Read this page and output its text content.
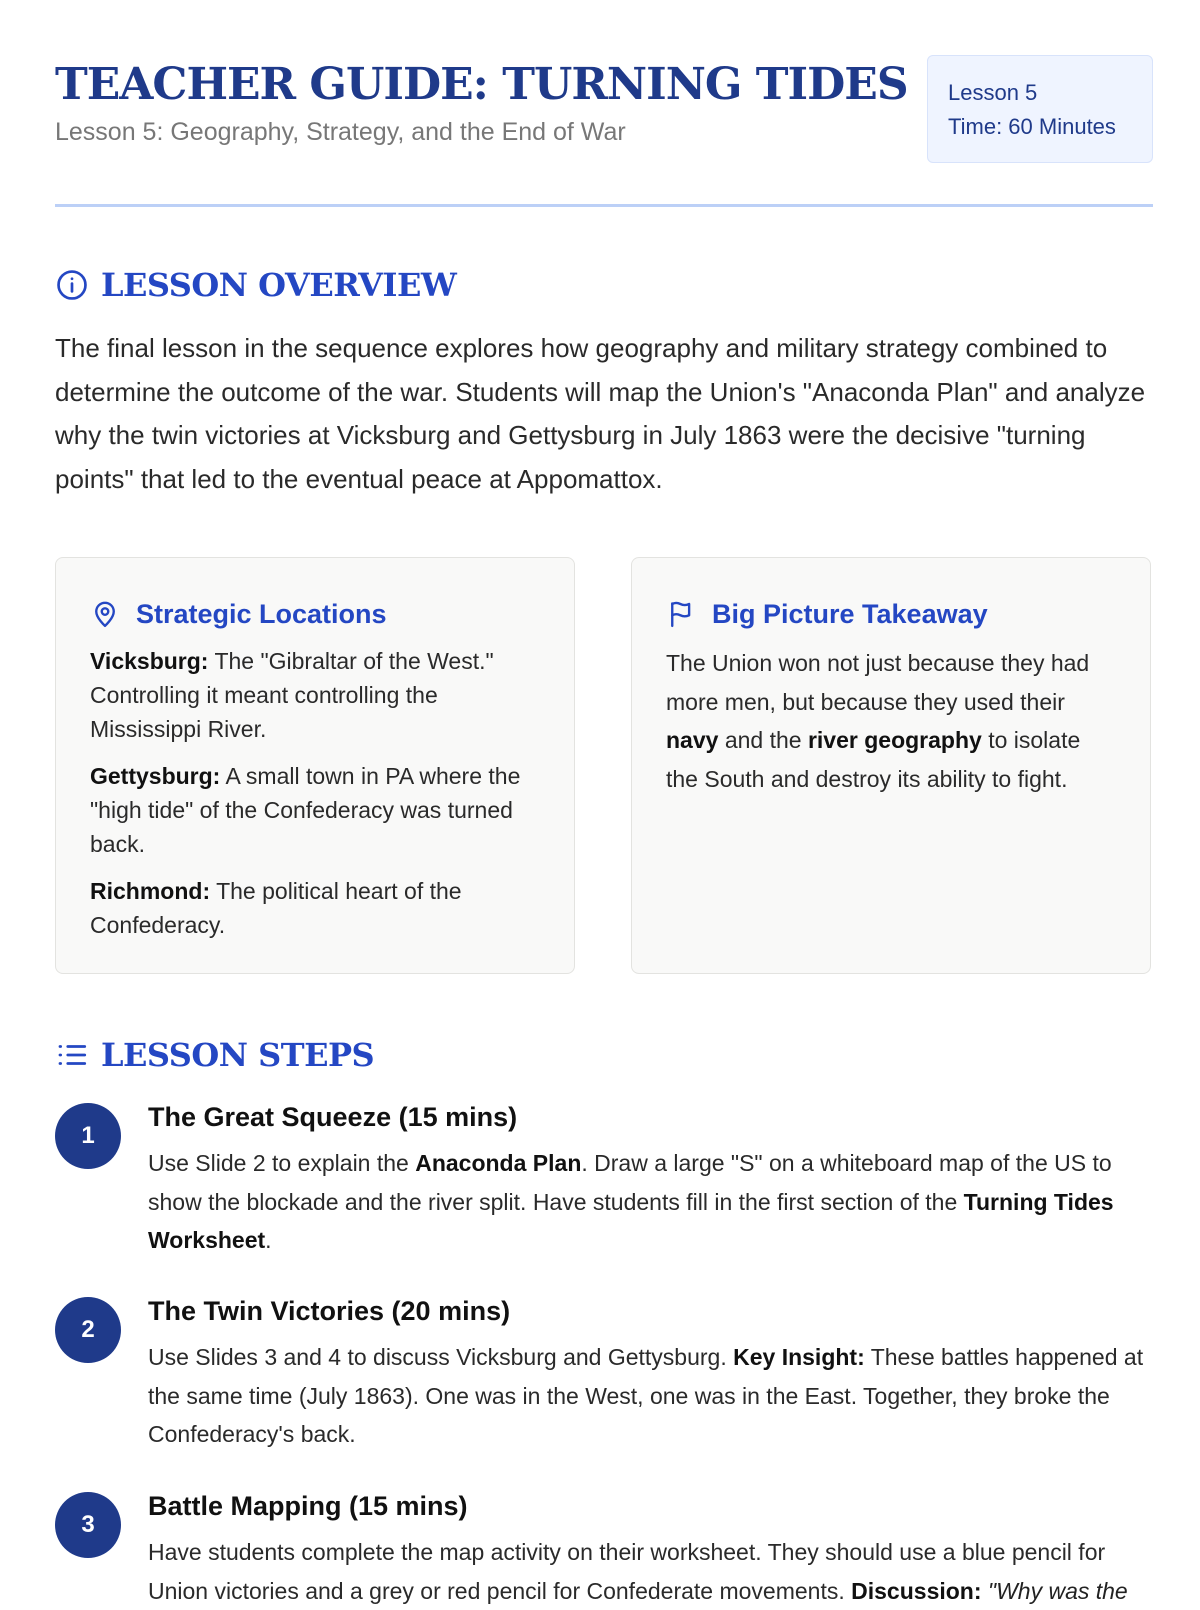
TEACHER GUIDE: TURNING TIDES

Lesson 5: Geography, Strategy, and the End of War

Lesson 5
Time: 60 Minutes
LESSON OVERVIEW

The final lesson in the sequence explores how geography and military strategy combined to determine the outcome of the war. Students will map the Union's "Anaconda Plan" and analyze why the twin victories at Vicksburg and Gettysburg in July 1863 were the decisive "turning points" that led to the eventual peace at Appomattox.

Strategic Locations

Vicksburg: The "Gibraltar of the West." Controlling it meant controlling the Mississippi River.

Gettysburg: A small town in PA where the "high tide" of the Confederacy was turned back.

Richmond: The political heart of the Confederacy.

Big Picture Takeaway

The Union won not just because they had more men, but because they used their navy and the river geography to isolate the South and destroy its ability to fight.

LESSON STEPS
1

The Great Squeeze (15 mins)

Use Slide 2 to explain the Anaconda Plan. Draw a large "S" on a whiteboard map of the US to show the blockade and the river split. Have students fill in the first section of the Turning Tides Worksheet.

2

The Twin Victories (20 mins)

Use Slides 3 and 4 to discuss Vicksburg and Gettysburg. Key Insight: These battles happened at the same time (July 1863). One was in the West, one was in the East. Together, they broke the Confederacy's back.

3

Battle Mapping (15 mins)

Have students complete the map activity on their worksheet. They should use a blue pencil for Union victories and a grey or red pencil for Confederate movements. Discussion: "Why was the
